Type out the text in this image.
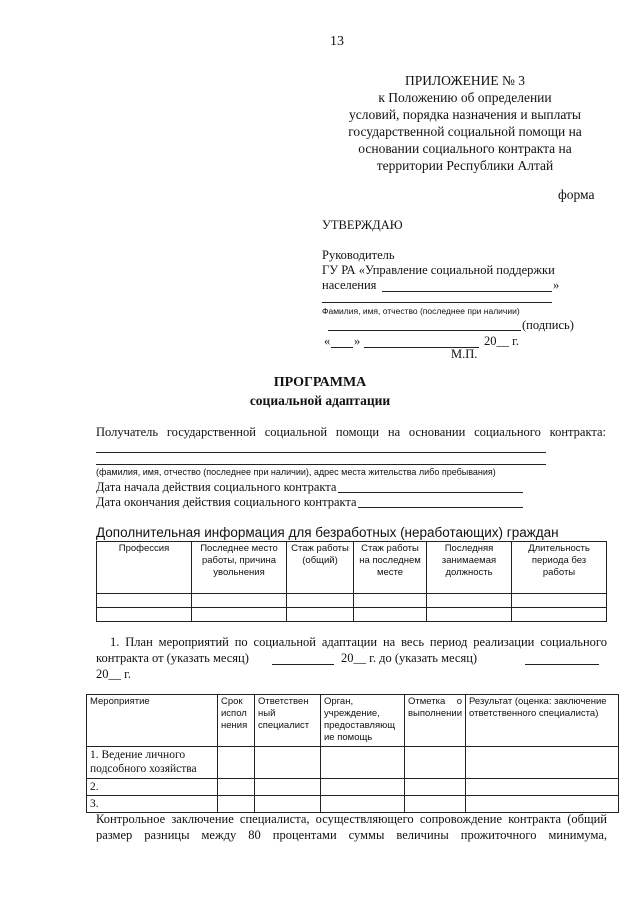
13
ПРИЛОЖЕНИЕ № 3
к Положению об определении
условий, порядка назначения и выплаты
государственной социальной помощи на
основании социального контракта на
территории Республики Алтай
форма
УТВЕРЖДАЮ
Руководитель
ГУ РА «Управление социальной поддержки
населения	»
Фамилия, имя, отчество (последнее при наличии)
(подпись)
« »	20__ г.
М.П.
ПРОГРАММА
социальной адаптации
Получатель государственной социальной помощи на основании социального контракта:
(фамилия, имя, отчество (последнее при наличии), адрес места жительства либо пребывания)
Дата начала действия социального контракта
Дата окончания действия социального контракта
Дополнительная информация для безработных (неработающих) граждан
Профессия	Последнее место работы, причина увольнения	Стаж работы (общий)	Стаж работы на последнем месте	Последняя занимаемая должность	Длительность периода без работы

1. План мероприятий по социальной адаптации на весь период реализации социального
контракта от (указать месяц)	20__ г. до (указать месяц)
20__ г.
Мероприятие	Срок испол нения	Ответствен ный специалист	Орган, учреждение, предоставляющ ие помощь	Отметка о выполнении	Результат (оценка: заключение ответственного специалиста)
1. Ведение личного подсобного хозяйства					
2.					
3.					
Контрольное заключение специалиста, осуществляющего сопровождение контракта (общий
размер разницы между 80 процентами суммы величины прожиточного минимума,
